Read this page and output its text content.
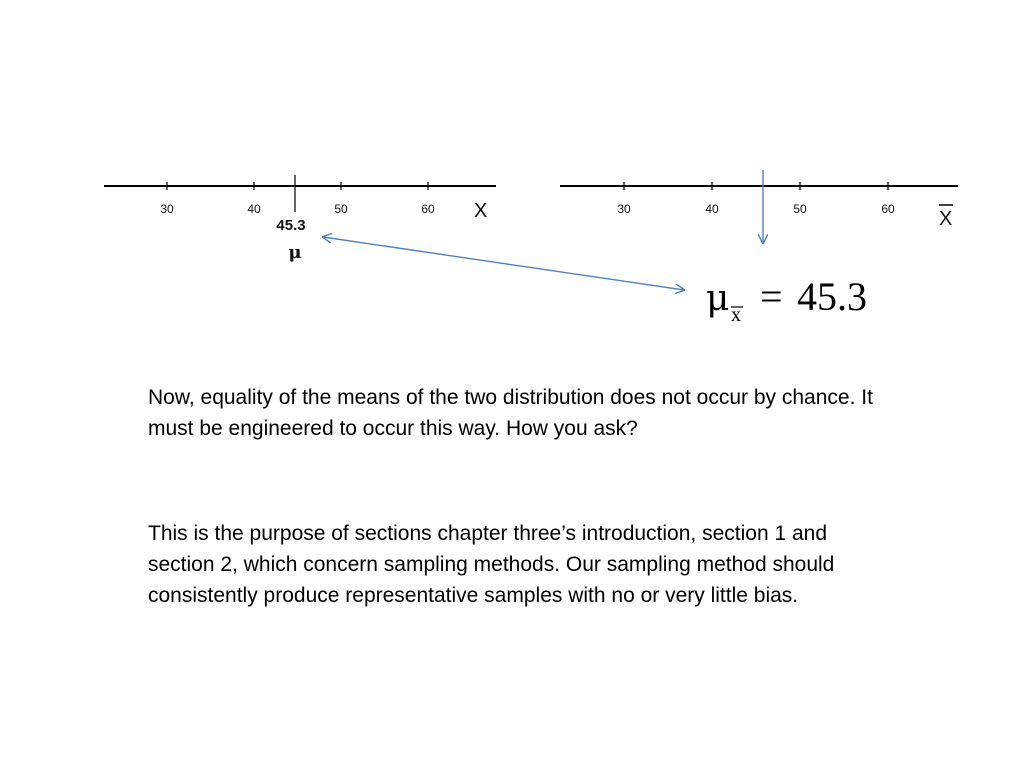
30	40	50	60 X
45.3
μ
30	40	50	60 X
μ x = 45.3

Now, equality of the means of the two distribution does not occur by chance. It must be engineered to occur this way. How you ask?

This is the purpose of sections chapter three’s introduction, section 1 and section 2, which concern sampling methods. Our sampling method should consistently produce representative samples with no or very little bias.
